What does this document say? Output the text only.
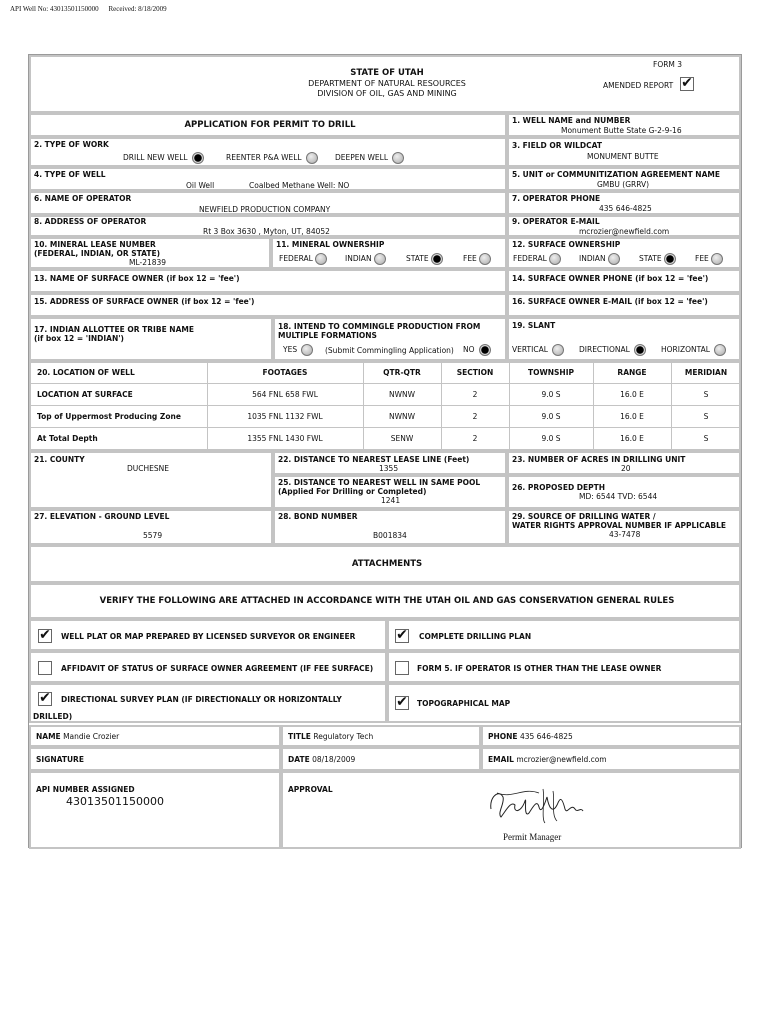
API Well No: 43013501150000 Received: 8/18/2009
STATE OF UTAH
DEPARTMENT OF NATURAL RESOURCES
DIVISION OF OIL, GAS AND MINING
FORM 3
AMENDED REPORT ✔
APPLICATION FOR PERMIT TO DRILL	1. WELL NAME and NUMBER
Monument Butte State G-2-9-16
2. TYPE OF WORK
DRILL NEW WELL	REENTER P&A WELL	DEEPEN WELL
3. FIELD OR WILDCAT
MONUMENT BUTTE
4. TYPE OF WELL
Oil Well	Coalbed Methane Well: NO
5. UNIT or COMMUNITIZATION AGREEMENT NAME
GMBU (GRRV)
6. NAME OF OPERATOR
NEWFIELD PRODUCTION COMPANY
7. OPERATOR PHONE
435 646-4825
8. ADDRESS OF OPERATOR
Rt 3 Box 3630 , Myton, UT, 84052
9. OPERATOR E-MAIL
mcrozier@newfield.com
10. MINERAL LEASE NUMBER
(FEDERAL, INDIAN, OR STATE)
ML-21839
11. MINERAL OWNERSHIP
FEDERAL	INDIAN	STATE	FEE
12. SURFACE OWNERSHIP
FEDERAL	INDIAN	STATE	FEE
13. NAME OF SURFACE OWNER (if box 12 = 'fee')	14. SURFACE OWNER PHONE (if box 12 = 'fee')
15. ADDRESS OF SURFACE OWNER (if box 12 = 'fee')	16. SURFACE OWNER E-MAIL (if box 12 = 'fee')
17. INDIAN ALLOTTEE OR TRIBE NAME
(if box 12 = 'INDIAN')
18. INTEND TO COMMINGLE PRODUCTION FROM
MULTIPLE FORMATIONS
YES	(Submit Commingling Application) NO
19. SLANT
VERTICAL	DIRECTIONAL	HORIZONTAL
20. LOCATION OF WELL	FOOTAGES	QTR-QTR	SECTION	TOWNSHIP	RANGE	MERIDIAN
LOCATION AT SURFACE	564 FNL 658 FWL	NWNW	2	9.0 S	16.0 E	S
Top of Uppermost Producing Zone	1035 FNL 1132 FWL	NWNW	2	9.0 S	16.0 E	S
At Total Depth	1355 FNL 1430 FWL	SENW	2	9.0 S	16.0 E	S
21. COUNTY
DUCHESNE
22. DISTANCE TO NEAREST LEASE LINE (Feet)
1355
23. NUMBER OF ACRES IN DRILLING UNIT
20
25. DISTANCE TO NEAREST WELL IN SAME POOL
(Applied For Drilling or Completed)
1241
26. PROPOSED DEPTH
MD: 6544 TVD: 6544
27. ELEVATION - GROUND LEVEL
5579
28. BOND NUMBER
B001834
29. SOURCE OF DRILLING WATER /
WATER RIGHTS APPROVAL NUMBER IF APPLICABLE
43-7478
ATTACHMENTS
VERIFY THE FOLLOWING ARE ATTACHED IN ACCORDANCE WITH THE UTAH OIL AND GAS CONSERVATION GENERAL RULES
✔ WELL PLAT OR MAP PREPARED BY LICENSED SURVEYOR OR ENGINEER	✔ COMPLETE DRILLING PLAN
AFFIDAVIT OF STATUS OF SURFACE OWNER AGREEMENT (IF FEE SURFACE)	FORM 5. IF OPERATOR IS OTHER THAN THE LEASE OWNER
✔ DIRECTIONAL SURVEY PLAN (IF DIRECTIONALLY OR HORIZONTALLY
DRILLED)
✔ TOPOGRAPHICAL MAP
NAME Mandie Crozier	TITLE Regulatory Tech	PHONE 435 646-4825
SIGNATURE	DATE 08/18/2009	EMAIL mcrozier@newfield.com
API NUMBER ASSIGNED
43013501150000
APPROVAL
Permit Manager
